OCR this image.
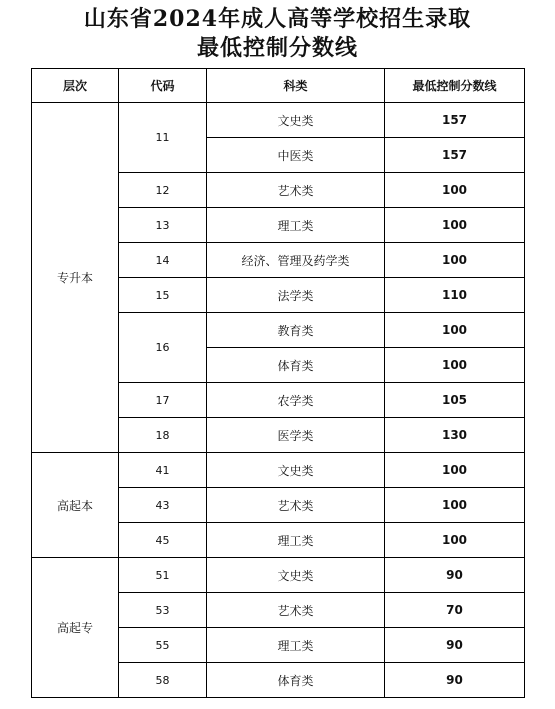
山东省2024年成人高等学校招生录取
最低控制分数线
层次	代码	科类	最低控制分数线
专升本	11	文史类	157
		中医类	157
	12	艺术类	100
	13	理工类	100
	14	经济、管理及药学类	100
	15	法学类	110
	16	教育类	100
		体育类	100
	17	农学类	105
	18	医学类	130
高起本	41	文史类	100
	43	艺术类	100
	45	理工类	100
高起专	51	文史类	90
	53	艺术类	70
	55	理工类	90
	58	体育类	90
